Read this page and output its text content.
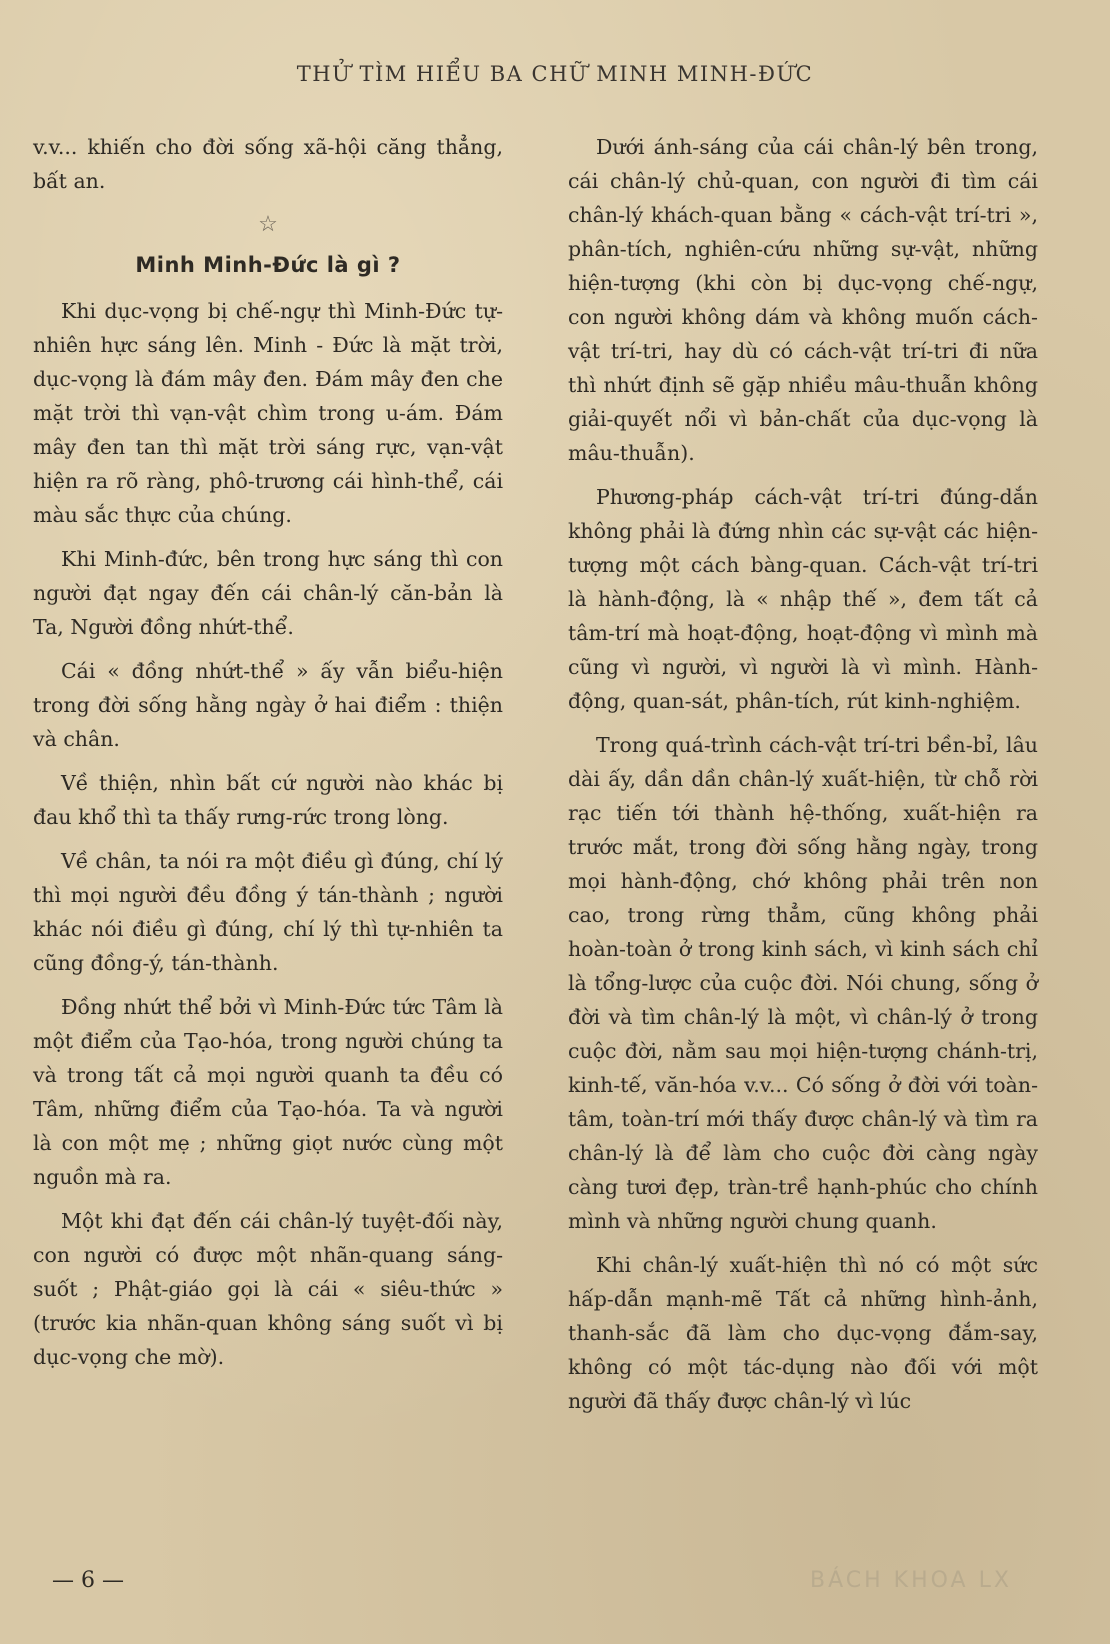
THỬ TÌM HIỂU BA CHỮ MINH MINH-ĐỨC

v.v... khiến cho đời sống xã-hội căng thẳng, bất an.

☆
Minh Minh-Đức là gì ?

Khi dục-vọng bị chế-ngự thì Minh-Đức tự-nhiên hực sáng lên. Minh - Đức là mặt trời, dục-vọng là đám mây đen. Đám mây đen che mặt trời thì vạn-vật chìm trong u-ám. Đám mây đen tan thì mặt trời sáng rực, vạn-vật hiện ra rõ ràng, phô-trương cái hình-thể, cái màu sắc thực của chúng.

Khi Minh-đức, bên trong hực sáng thì con người đạt ngay đến cái chân-lý căn-bản là Ta, Người đồng nhứt-thể.

Cái « đồng nhứt-thể » ấy vẫn biểu-hiện trong đời sống hằng ngày ở hai điểm : thiện và chân.

Về thiện, nhìn bất cứ người nào khác bị đau khổ thì ta thấy rưng-rức trong lòng.

Về chân, ta nói ra một điều gì đúng, chí lý thì mọi người đều đồng ý tán-thành ; người khác nói điều gì đúng, chí lý thì tự-nhiên ta cũng đồng-ý, tán-thành.

Đồng nhứt thể bởi vì Minh-Đức tức Tâm là một điểm của Tạo-hóa, trong người chúng ta và trong tất cả mọi người quanh ta đều có Tâm, những điểm của Tạo-hóa. Ta và người là con một mẹ ; những giọt nước cùng một nguồn mà ra.

Một khi đạt đến cái chân-lý tuyệt-đối này, con người có được một nhãn-quang sáng-suốt ; Phật-giáo gọi là cái « siêu-thức » (trước kia nhãn-quan không sáng suốt vì bị dục-vọng che mờ).

Dưới ánh-sáng của cái chân-lý bên trong, cái chân-lý chủ-quan, con người đi tìm cái chân-lý khách-quan bằng « cách-vật trí-tri », phân-tích, nghiên-cứu những sự-vật, những hiện-tượng (khi còn bị dục-vọng chế-ngự, con người không dám và không muốn cách-vật trí-tri, hay dù có cách-vật trí-tri đi nữa thì nhứt định sẽ gặp nhiều mâu-thuẫn không giải-quyết nổi vì bản-chất của dục-vọng là mâu-thuẫn).

Phương-pháp cách-vật trí-tri đúng-dắn không phải là đứng nhìn các sự-vật các hiện-tượng một cách bàng-quan. Cách-vật trí-tri là hành-động, là « nhập thế », đem tất cả tâm-trí mà hoạt-động, hoạt-động vì mình mà cũng vì người, vì người là vì mình. Hành-động, quan-sát, phân-tích, rút kinh-nghiệm.

Trong quá-trình cách-vật trí-tri bền-bỉ, lâu dài ấy, dần dần chân-lý xuất-hiện, từ chỗ rời rạc tiến tới thành hệ-thống, xuất-hiện ra trước mắt, trong đời sống hằng ngày, trong mọi hành-động, chớ không phải trên non cao, trong rừng thẳm, cũng không phải hoàn-toàn ở trong kinh sách, vì kinh sách chỉ là tổng-lược của cuộc đời. Nói chung, sống ở đời và tìm chân-lý là một, vì chân-lý ở trong cuộc đời, nằm sau mọi hiện-tượng chánh-trị, kinh-tế, văn-hóa v.v... Có sống ở đời với toàn-tâm, toàn-trí mới thấy được chân-lý và tìm ra chân-lý là để làm cho cuộc đời càng ngày càng tươi đẹp, tràn-trề hạnh-phúc cho chính mình và những người chung quanh.

Khi chân-lý xuất-hiện thì nó có một sức hấp-dẫn mạnh-mẽ Tất cả những hình-ảnh, thanh-sắc đã làm cho dục-vọng đắm-say, không có một tác-dụng nào đối với một người đã thấy được chân-lý vì lúc

— 6 —	BÁCH KHOA LX
